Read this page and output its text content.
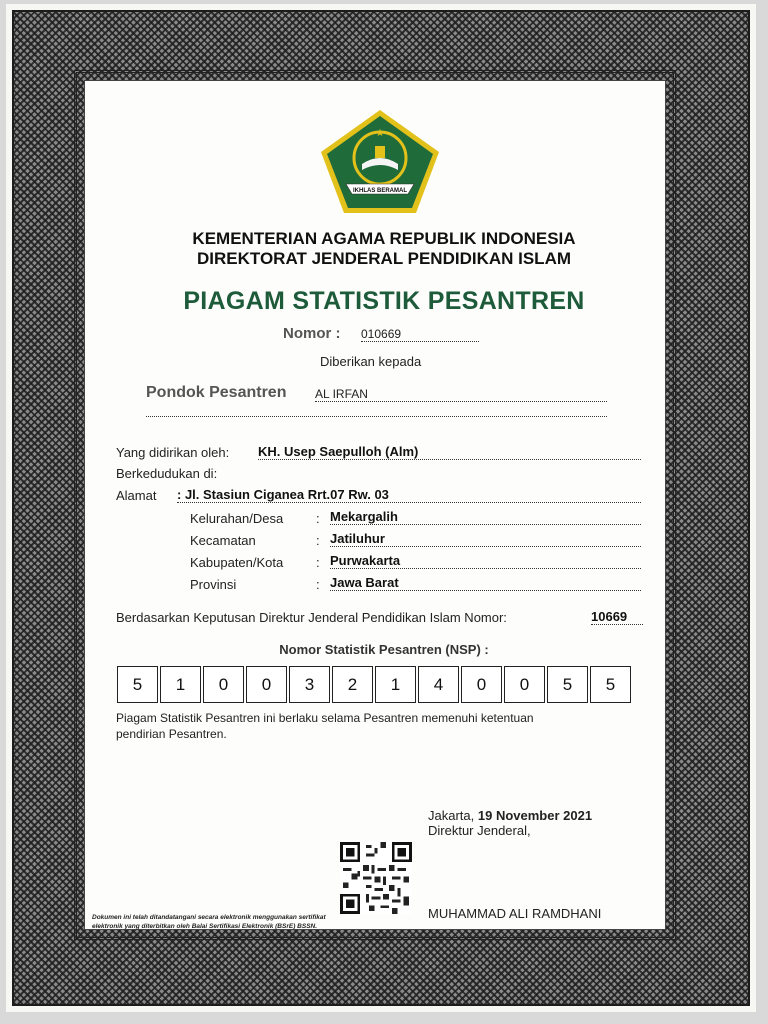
★
IKHLAS BERAMAL
KEMENTERIAN AGAMA REPUBLIK INDONESIA
DIREKTORAT JENDERAL PENDIDIKAN ISLAM
PIAGAM STATISTIK PESANTREN
Nomor : 010669
Diberikan kepada
Pondok Pesantren AL IRFAN
Yang didirikan oleh: KH. Usep Saepulloh (Alm)
Berkedudukan di:
Alamat : Jl. Stasiun Ciganea Rrt.07 Rw. 03
Kelurahan/Desa	: Mekargalih
Kecamatan	: Jatiluhur
Kabupaten/Kota	: Purwakarta
Provinsi	: Jawa Barat
Berdasarkan Keputusan Direktur Jenderal Pendidikan Islam Nomor:	10669
Nomor Statistik Pesantren (NSP) :
5	1	0	0	3	2	1	4	0	0	5	5
Piagam Statistik Pesantren ini berlaku selama Pesantren memenuhi ketentuan
pendirian Pesantren.
Jakarta, 19 November 2021
Direktur Jenderal,
Dokumen ini telah ditandatangani secara elektronik menggunakan sertifikat
elektronik yang diterbitkan oleh Balai Sertifikasi Elektronik (BSrE) BSSN.
MUHAMMAD ALI RAMDHANI
